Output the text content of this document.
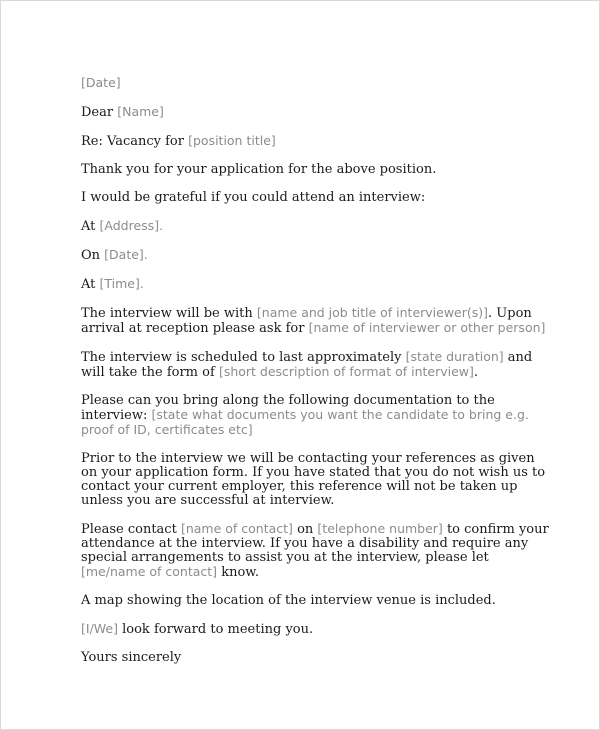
[Date]

Dear [Name]

Re: Vacancy for [position title]

Thank you for your application for the above position.

I would be grateful if you could attend an interview:

At [Address].

On [Date].

At [Time].

The interview will be with [name and job title of interviewer(s)]. Upon arrival at reception please ask for [name of interviewer or other person]

The interview is scheduled to last approximately [state duration] and will take the form of [short description of format of interview].

Please can you bring along the following documentation to the interview: [state what documents you want the candidate to bring e.g. proof of ID, certificates etc]

Prior to the interview we will be contacting your references as given on your application form. If you have stated that you do not wish us to contact your current employer, this reference will not be taken up unless you are successful at interview.

Please contact [name of contact] on [telephone number] to confirm your attendance at the interview. If you have a disability and require any special arrangements to assist you at the interview, please let [me/name of contact] know.

A map showing the location of the interview venue is included.

[I/We] look forward to meeting you.

Yours sincerely
